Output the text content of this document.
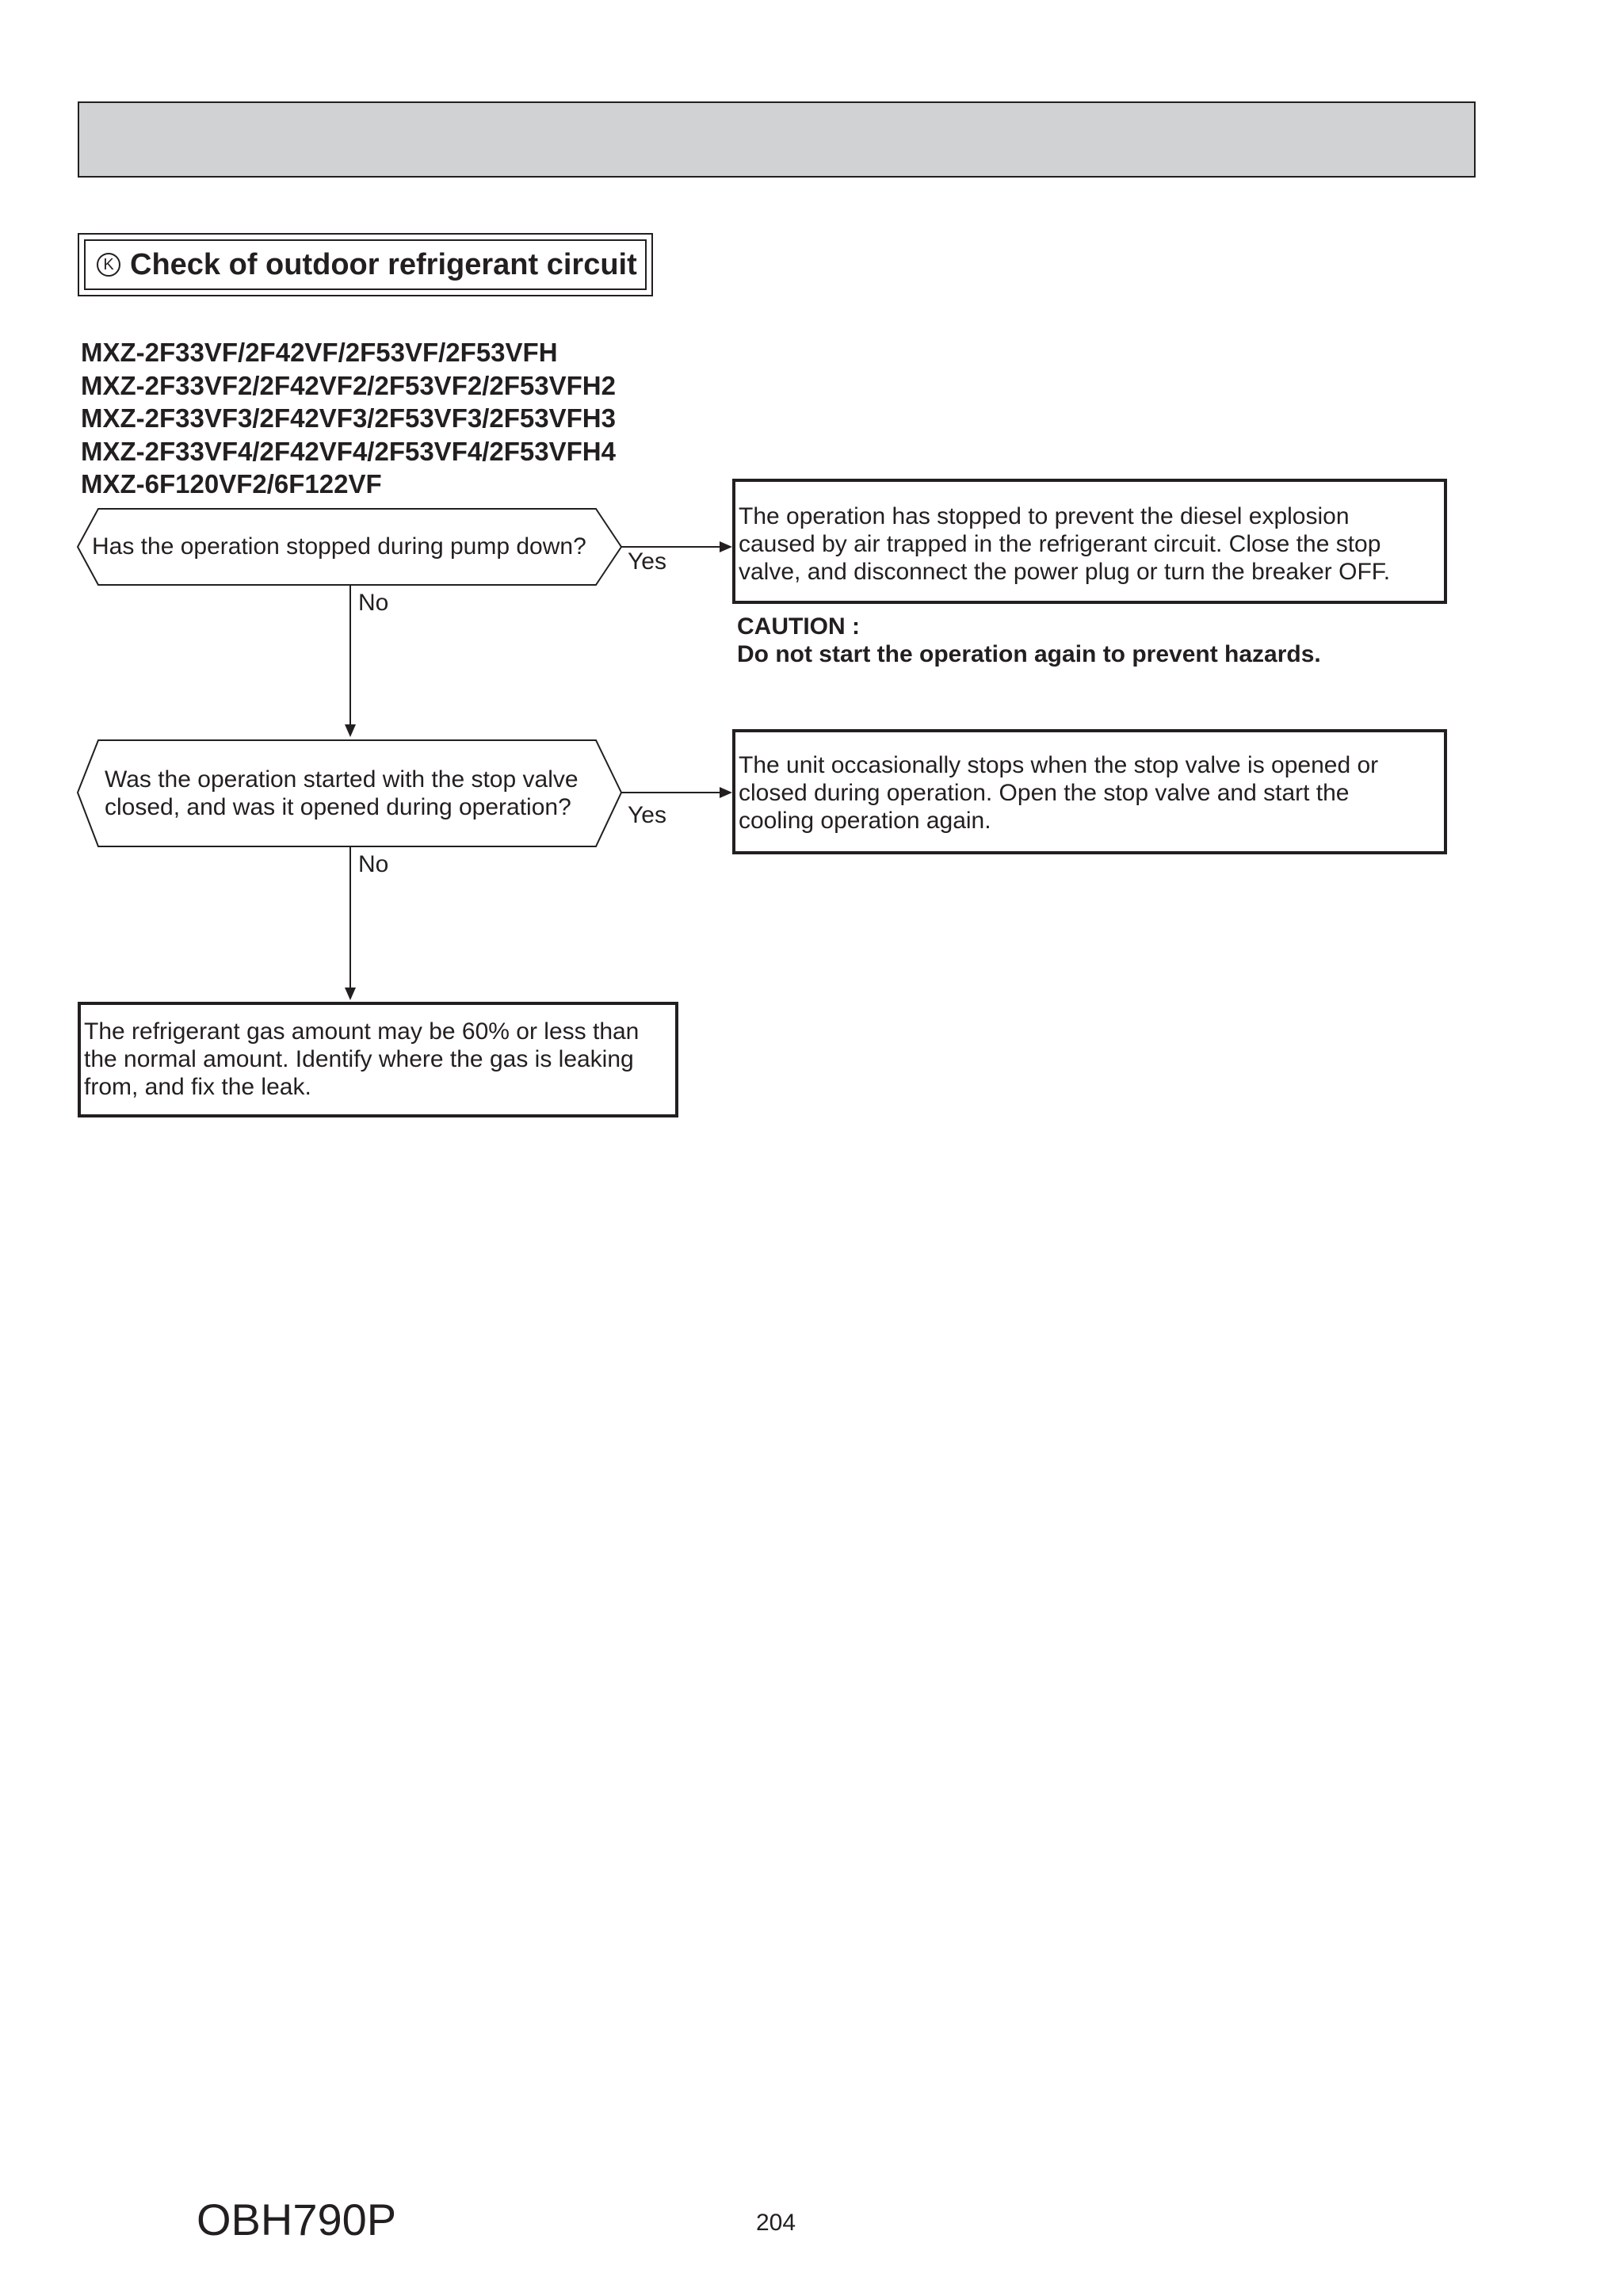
K Check of outdoor refrigerant circuit
MXZ-2F33VF/2F42VF/2F53VF/2F53VFH
MXZ-2F33VF2/2F42VF2/2F53VF2/2F53VFH2
MXZ-2F33VF3/2F42VF3/2F53VF3/2F53VFH3
MXZ-2F33VF4/2F42VF4/2F53VF4/2F53VFH4
MXZ-6F120VF2/6F122VF
Has the operation stopped during pump down?
Yes
No
The operation has stopped to prevent the diesel explosion
caused by air trapped in the refrigerant circuit. Close the stop
valve, and disconnect the power plug or turn the breaker OFF.
CAUTION :
Do not start the operation again to prevent hazards.
Was the operation started with the stop valve
closed, and was it opened during operation? Yes
No
The unit occasionally stops when the stop valve is opened or
closed during operation. Open the stop valve and start the
cooling operation again.
The refrigerant gas amount may be 60% or less than
the normal amount. Identify where the gas is leaking
from, and fix the leak.
204
OBH790P
